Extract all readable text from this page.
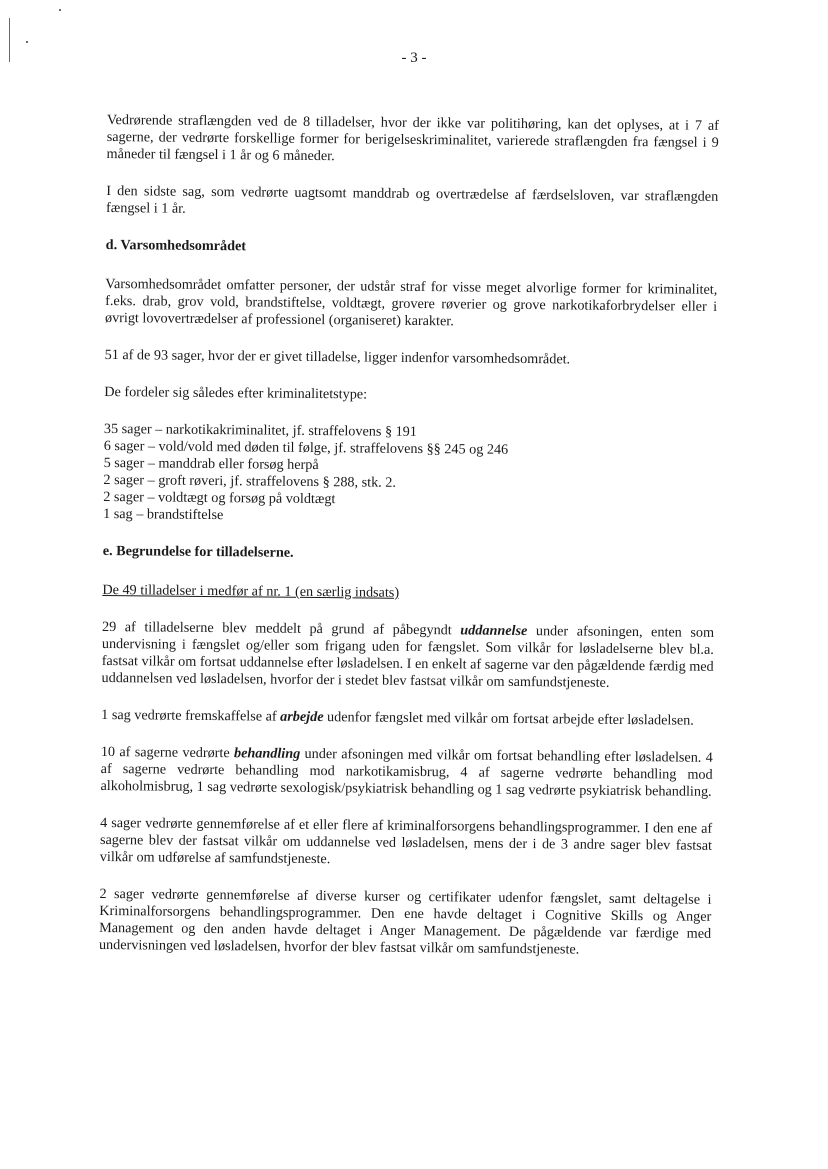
- 3 -

Vedrørende straflængden ved de 8 tilladelser, hvor der ikke var politihøring, kan det oplyses, at i 7 af sagerne, der vedrørte forskellige former for berigelseskriminalitet, varierede straflængden fra fængsel i 9 måneder til fængsel i 1 år og 6 måneder.

I den sidste sag, som vedrørte uagtsomt manddrab og overtrædelse af færdselsloven, var straflængden fængsel i 1 år.

d. Varsomhedsområdet

Varsomhedsområdet omfatter personer, der udstår straf for visse meget alvorlige former for kriminalitet, f.eks. drab, grov vold, brandstiftelse, voldtægt, grovere røverier og grove narkotikaforbrydelser eller i øvrigt lovovertrædelser af professionel (organiseret) karakter.

51 af de 93 sager, hvor der er givet tilladelse, ligger indenfor varsomhedsområdet.

De fordeler sig således efter kriminalitetstype:

35 sager – narkotikakriminalitet, jf. straffelovens § 191
6 sager – vold/vold med døden til følge, jf. straffelovens §§ 245 og 246
5 sager – manddrab eller forsøg herpå
2 sager – groft røveri, jf. straffelovens § 288, stk. 2.
2 sager – voldtægt og forsøg på voldtægt
1 sag – brandstiftelse
e. Begrundelse for tilladelserne.
De 49 tilladelser i medfør af nr. 1 (en særlig indsats)

29 af tilladelserne blev meddelt på grund af påbegyndt uddannelse under afsoningen, enten som undervisning i fængslet og/eller som frigang uden for fængslet. Som vilkår for løsladelserne blev bl.a. fastsat vilkår om fortsat uddannelse efter løsladelsen. I en enkelt af sagerne var den pågældende færdig med uddannelsen ved løsladelsen, hvorfor der i stedet blev fastsat vilkår om samfundstjeneste.

1 sag vedrørte fremskaffelse af arbejde udenfor fængslet med vilkår om fortsat arbejde efter løsladelsen.

10 af sagerne vedrørte behandling under afsoningen med vilkår om fortsat behandling efter løsladelsen. 4 af sagerne vedrørte behandling mod narkotikamisbrug, 4 af sagerne vedrørte behandling mod alkoholmisbrug, 1 sag vedrørte sexologisk/psykiatrisk behandling og 1 sag vedrørte psykiatrisk behandling.

4 sager vedrørte gennemførelse af et eller flere af kriminalforsorgens behandlingsprogrammer. I den ene af sagerne blev der fastsat vilkår om uddannelse ved løsladelsen, mens der i de 3 andre sager blev fastsat vilkår om udførelse af samfundstjeneste.

2 sager vedrørte gennemførelse af diverse kurser og certifikater udenfor fængslet, samt deltagelse i Kriminalforsorgens behandlingsprogrammer. Den ene havde deltaget i Cognitive Skills og Anger Management og den anden havde deltaget i Anger Management. De pågældende var færdige med undervisningen ved løsladelsen, hvorfor der blev fastsat vilkår om samfundstjeneste.
